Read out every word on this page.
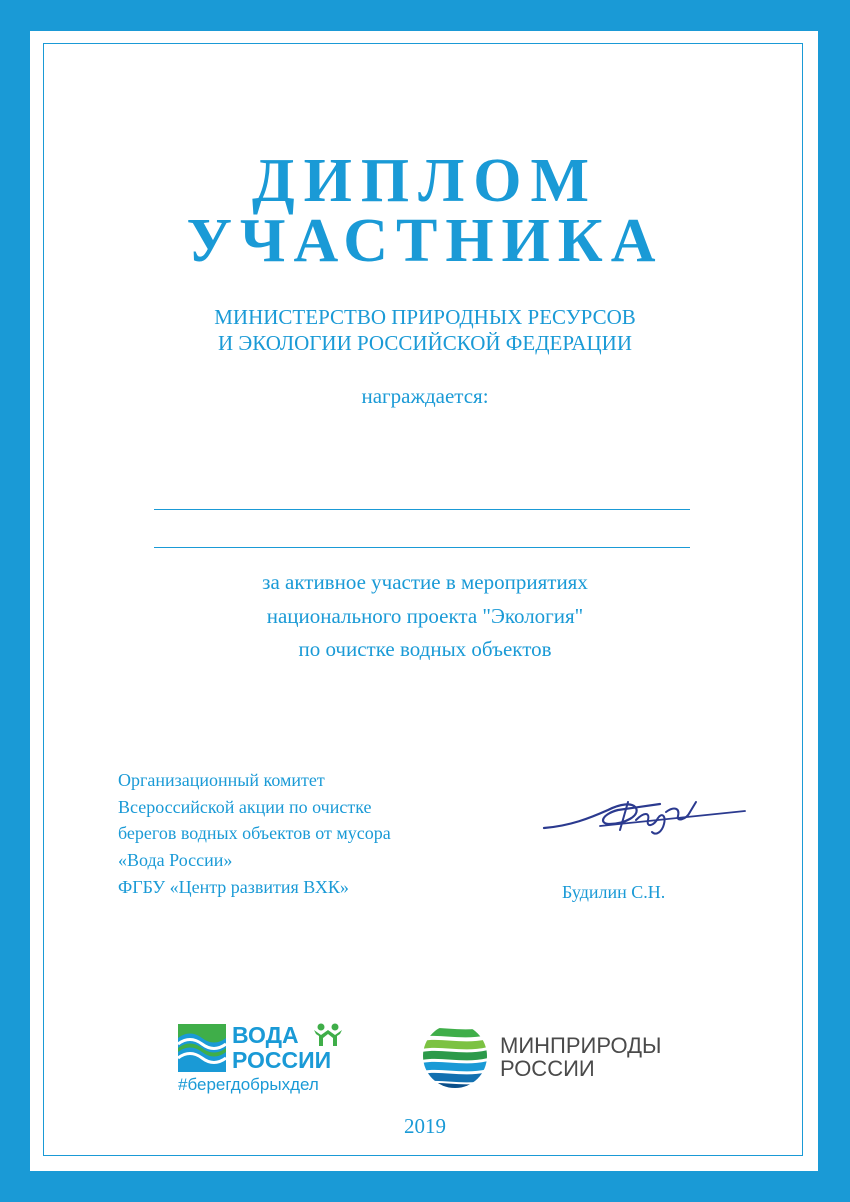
ДИПЛОМ
УЧАСТНИКА
МИНИСТЕРСТВО ПРИРОДНЫХ РЕСУРСОВ
И ЭКОЛОГИИ РОССИЙСКОЙ ФЕДЕРАЦИИ
награждается:
за активное участие в мероприятиях
национального проекта "Экология"
по очистке водных объектов
Организационный комитет
Всероссийской акции по очистке
берегов водных объектов от мусора
«Вода России»
ФГБУ «Центр развития ВХК»	Будилин С.Н.
ВОДА
РОССИИ
#берегдобрыхдел
МИНПРИРОДЫ
РОССИИ
2019
